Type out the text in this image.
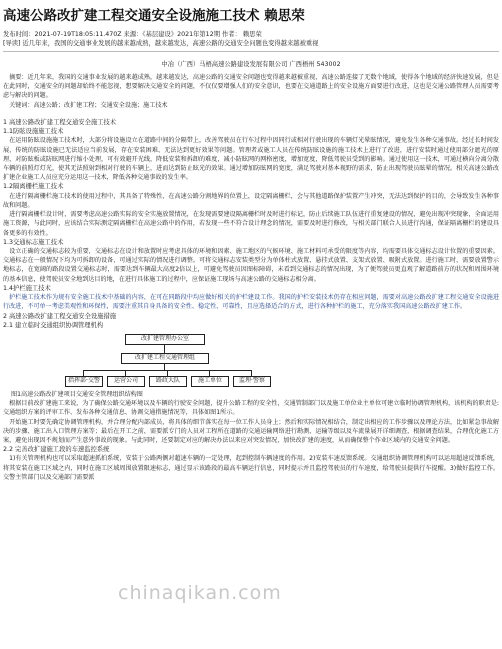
高速公路改扩建工程交通安全设施施工技术 赖思荣

发布时间：2021-07-19T18:05:11.470Z 来源：《基层建设》2021年第12期 作者： 赖思荣

[导读] 近几年来，我国的交通事业发展的越来越成熟，越来越发达，高速公路的交通安全问题也变得越来越被重视

中冶（广西）马梧高速公路建设发展有限公司 广西梧州 543002

摘要：近几年来，我国的交通事业发展的越来越成熟，越来越发达，高速公路的交通安全问题也变得越来越被重视，高速公路连接了无数个地域，使得各个地域的经济快速发展，但是在此同时，交通安全的问题却始终不能忽视，想要解决交通安全的问题，不仅仅要增强人们的安全意识，也要在交通道路上的安全设施方面要进行改进，这也是交通公路管理人员需要考虑与解决的问题。

关键词：高速公路；改扩建工程；交通安全设施；施工技术

1 高速公路改扩建工程交通安全施工技术

1.1防眩设施施工技术

在运用防眩设施施工技术时，大部分将设施设立在道路中间的分隔带上，改善驾驶员在行车过程中因同行或相对行驶出现的车辆灯光晕眩情况，避免发生各种交通事故。经过长时间发展，传统的防眩设施已无法适应当前发展，存在安装困难、无法达到更好效果等问题。管理者或施工人员在传统防眩设施的施工技术上进行了改进，进行安装时通过使用部分遮光的原理，对防眩板或防眩网进行缩小处理，可有效避开光线，降低安装和拆卸的难度，减小防眩网的网格密度，增加宽度，降低驾驶员受到的影响。通过使用这一技术，可通过横向分离分散车辆的前照灯灯光，使其无法照射到相对行驶的车辆上，进而达到防止眩光的效果。通过增加防眩网的宽度，满足驾驶对基本视野的需求，防止出现驾驶员眩晕的情况。相关高速公路改扩建企业施工人员应充分运用这一技术，降低各种交通事故的发生率。

1.2隔离栅栏施工技术

在进行隔离栅栏施工技术的使用过程中，其具备了特殊性，在高速公路分割地界的位置上，设定隔离栅栏，会与其他道路保护装置产生冲突，无法达到保护的目的，会导致发生各种事故和问题。

进行隔离栅栏设计时，需要考虑高速公路实际的安全实施放置情况，在发现需要建设隔离栅栏时及时进行标记，防止后续施工队伍进行重复建设的情况，避免出现冲突现象，全面运用施工资源，与此同时，应该结合实际测定隔离栅栏在高速公路中的作用，若发现一些不符合设计理念的情况，需要及时进行修改，与相关部门联合人员进行沟通，保证隔离栅栏的建设具备更多的有效性。

1.3交通标志施工技术

设立正确的交通标志较为重要，交通标志在设计和放置时应考虑具体的环境和因素、施工地区的气候环境、施工材料可承受的限度等内容，均需要具体交通标志设计位置的重要因素。交通标志在一般情况下均为可拆卸的设备，可通过实际的情况进行调整。可将交通标志安装类型分为单体柱式放置、悬挂式放置、支架式放置、吸附式放置。进行施工时，需要放置警示地标志，在宽阔的路段设置交通标志时，需要达到车辆最大高度2倍以上，可避免驾驶员因图标障碍，未看到交通标志的情况出现，为了便驾驶员更直观了解道路前方的状况和周围环境的基本信息，使驾驶员安全地到达目的地，在进行具体施工的过程中，应保证施工现场与高速公路的交通标志相分离。

1.4护栏施工技术

护栏施工技术作为规有安全施工技术中基础的内容，在可在同路段中均应做好相关的护栏建设工作。我国的护栏安装技术仍存在相应问题，需要对高速公路改扩建工程交通安全设施进行改进，不可单一考虑美观性和环保性，需要注重其自身具备的安全性、稳定性、可靠性，且应选择适合的方式，进行各种护栏的施工，充分落实我国高速公路改扩建工作。

2 高速公路改扩建工程交通安全设施措施

2.1 建立临时交通组织协调管理机构

改扩建管理办公室
改扩建工程交通管理组
指挥部·交警	运营公司	路政大队	施工单位	监理·警察

图1高速公路改扩建项目交通安全管理组织结构图

根据目前改扩建施工来说，为了确保公路交通环境以及车辆的行驶安全问题，提升公路工程的安全性，交通管制部门以及施工单位业主单位可建立临时协调管理机构，该机构的职责是:交通组织方案的评审工作、发布各种交通信息、协调交通措施情况等，具体如图1所示。

开始施工时要先确定协调管理机构，并合理分配内部成员，将具体的细节落实在每一位工作人员身上；然后和实际情况相结合，制定出相应的工作步骤以及理论方法，比如紧急事故解决的步骤、施工出入口管理方案等；最后在开工之前，需要派专门的人员对工程所在道路的交通运输网络进行勘测，运输等级以及车流量展开详细调查，根据调查结果，合理优化施工方案，避免出现因不规划而产生意外事故的现象。与此同时，还要制定对应的解决办法以来应对突发情况，加快改扩建的速度，从而确保整个作业区域内的交通安全问题。

2.2 完善改扩建施工段的车速监控系统

1)有关管理机构也可以采取超速抓拍系统，安装于公路两侧对超速车辆的一定处理，起到控制车辆速度的作用。2)安装车速反馈系统。交通组织协调管理机构可以运用超速反馈系统，将其安装在施工区域之内，同时在施工区域周围放置限速标志，通过显示该路段的最高车辆运行信息，同时提示并且监控驾驶员的行车速度，给驾驶员提供行车提醒。3)做好监控工作。交警主管部门以及交通部门需要派

chinaqikan.com
